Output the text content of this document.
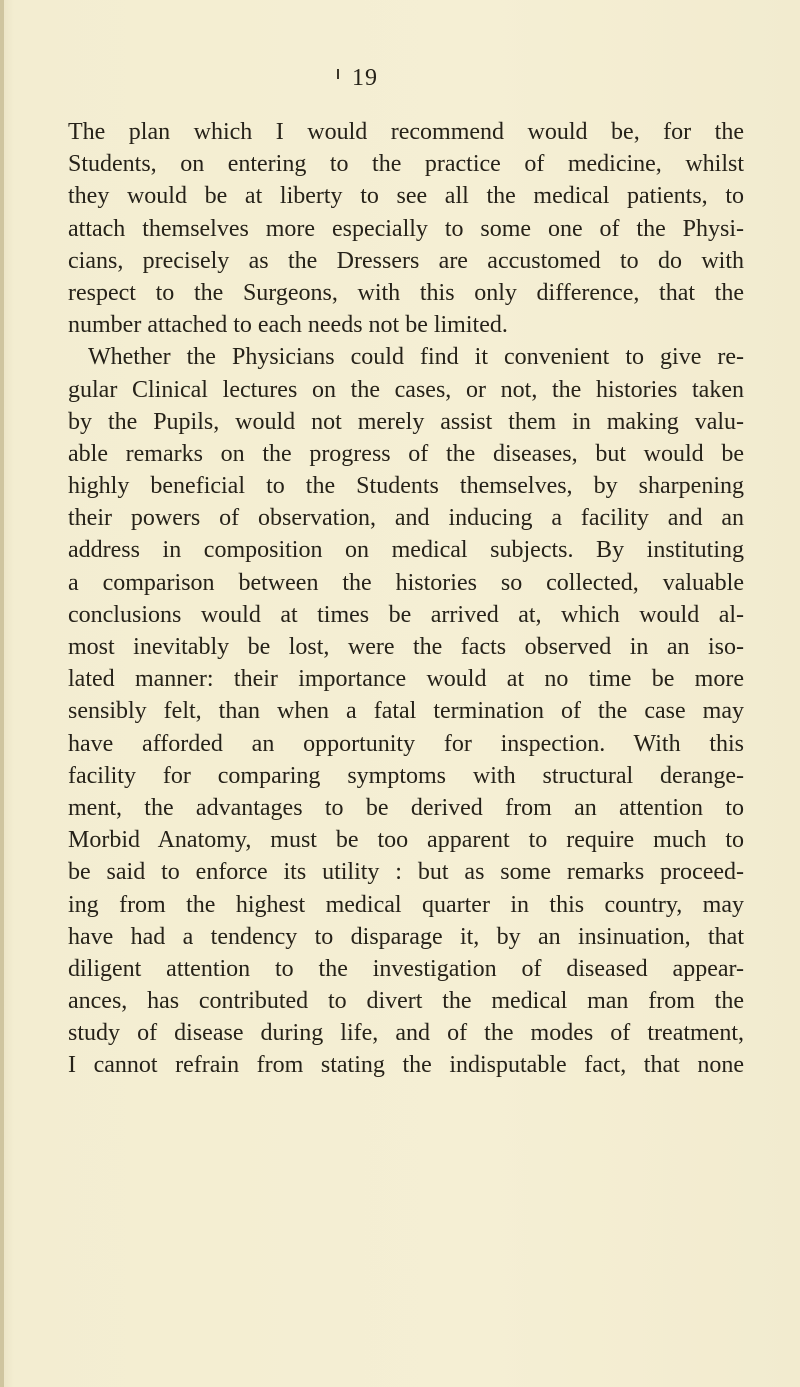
19
The plan which I would recommend would be, for the
Students, on entering to the practice of medicine, whilst
they would be at liberty to see all the medical patients, to
attach themselves more especially to some one of the Physi-
cians, precisely as the Dressers are accustomed to do with
respect to the Surgeons, with this only difference, that the
number attached to each needs not be limited.
Whether the Physicians could find it convenient to give re-
gular Clinical lectures on the cases, or not, the histories taken
by the Pupils, would not merely assist them in making valu-
able remarks on the progress of the diseases, but would be
highly beneficial to the Students themselves, by sharpening
their powers of observation, and inducing a facility and an
address in composition on medical subjects. By instituting
a comparison between the histories so collected, valuable
conclusions would at times be arrived at, which would al-
most inevitably be lost, were the facts observed in an iso-
lated manner: their importance would at no time be more
sensibly felt, than when a fatal termination of the case may
have afforded an opportunity for inspection. With this
facility for comparing symptoms with structural derange-
ment, the advantages to be derived from an attention to
Morbid Anatomy, must be too apparent to require much to
be said to enforce its utility : but as some remarks proceed-
ing from the highest medical quarter in this country, may
have had a tendency to disparage it, by an insinuation, that
diligent attention to the investigation of diseased appear-
ances, has contributed to divert the medical man from the
study of disease during life, and of the modes of treatment,
I cannot refrain from stating the indisputable fact, that none
